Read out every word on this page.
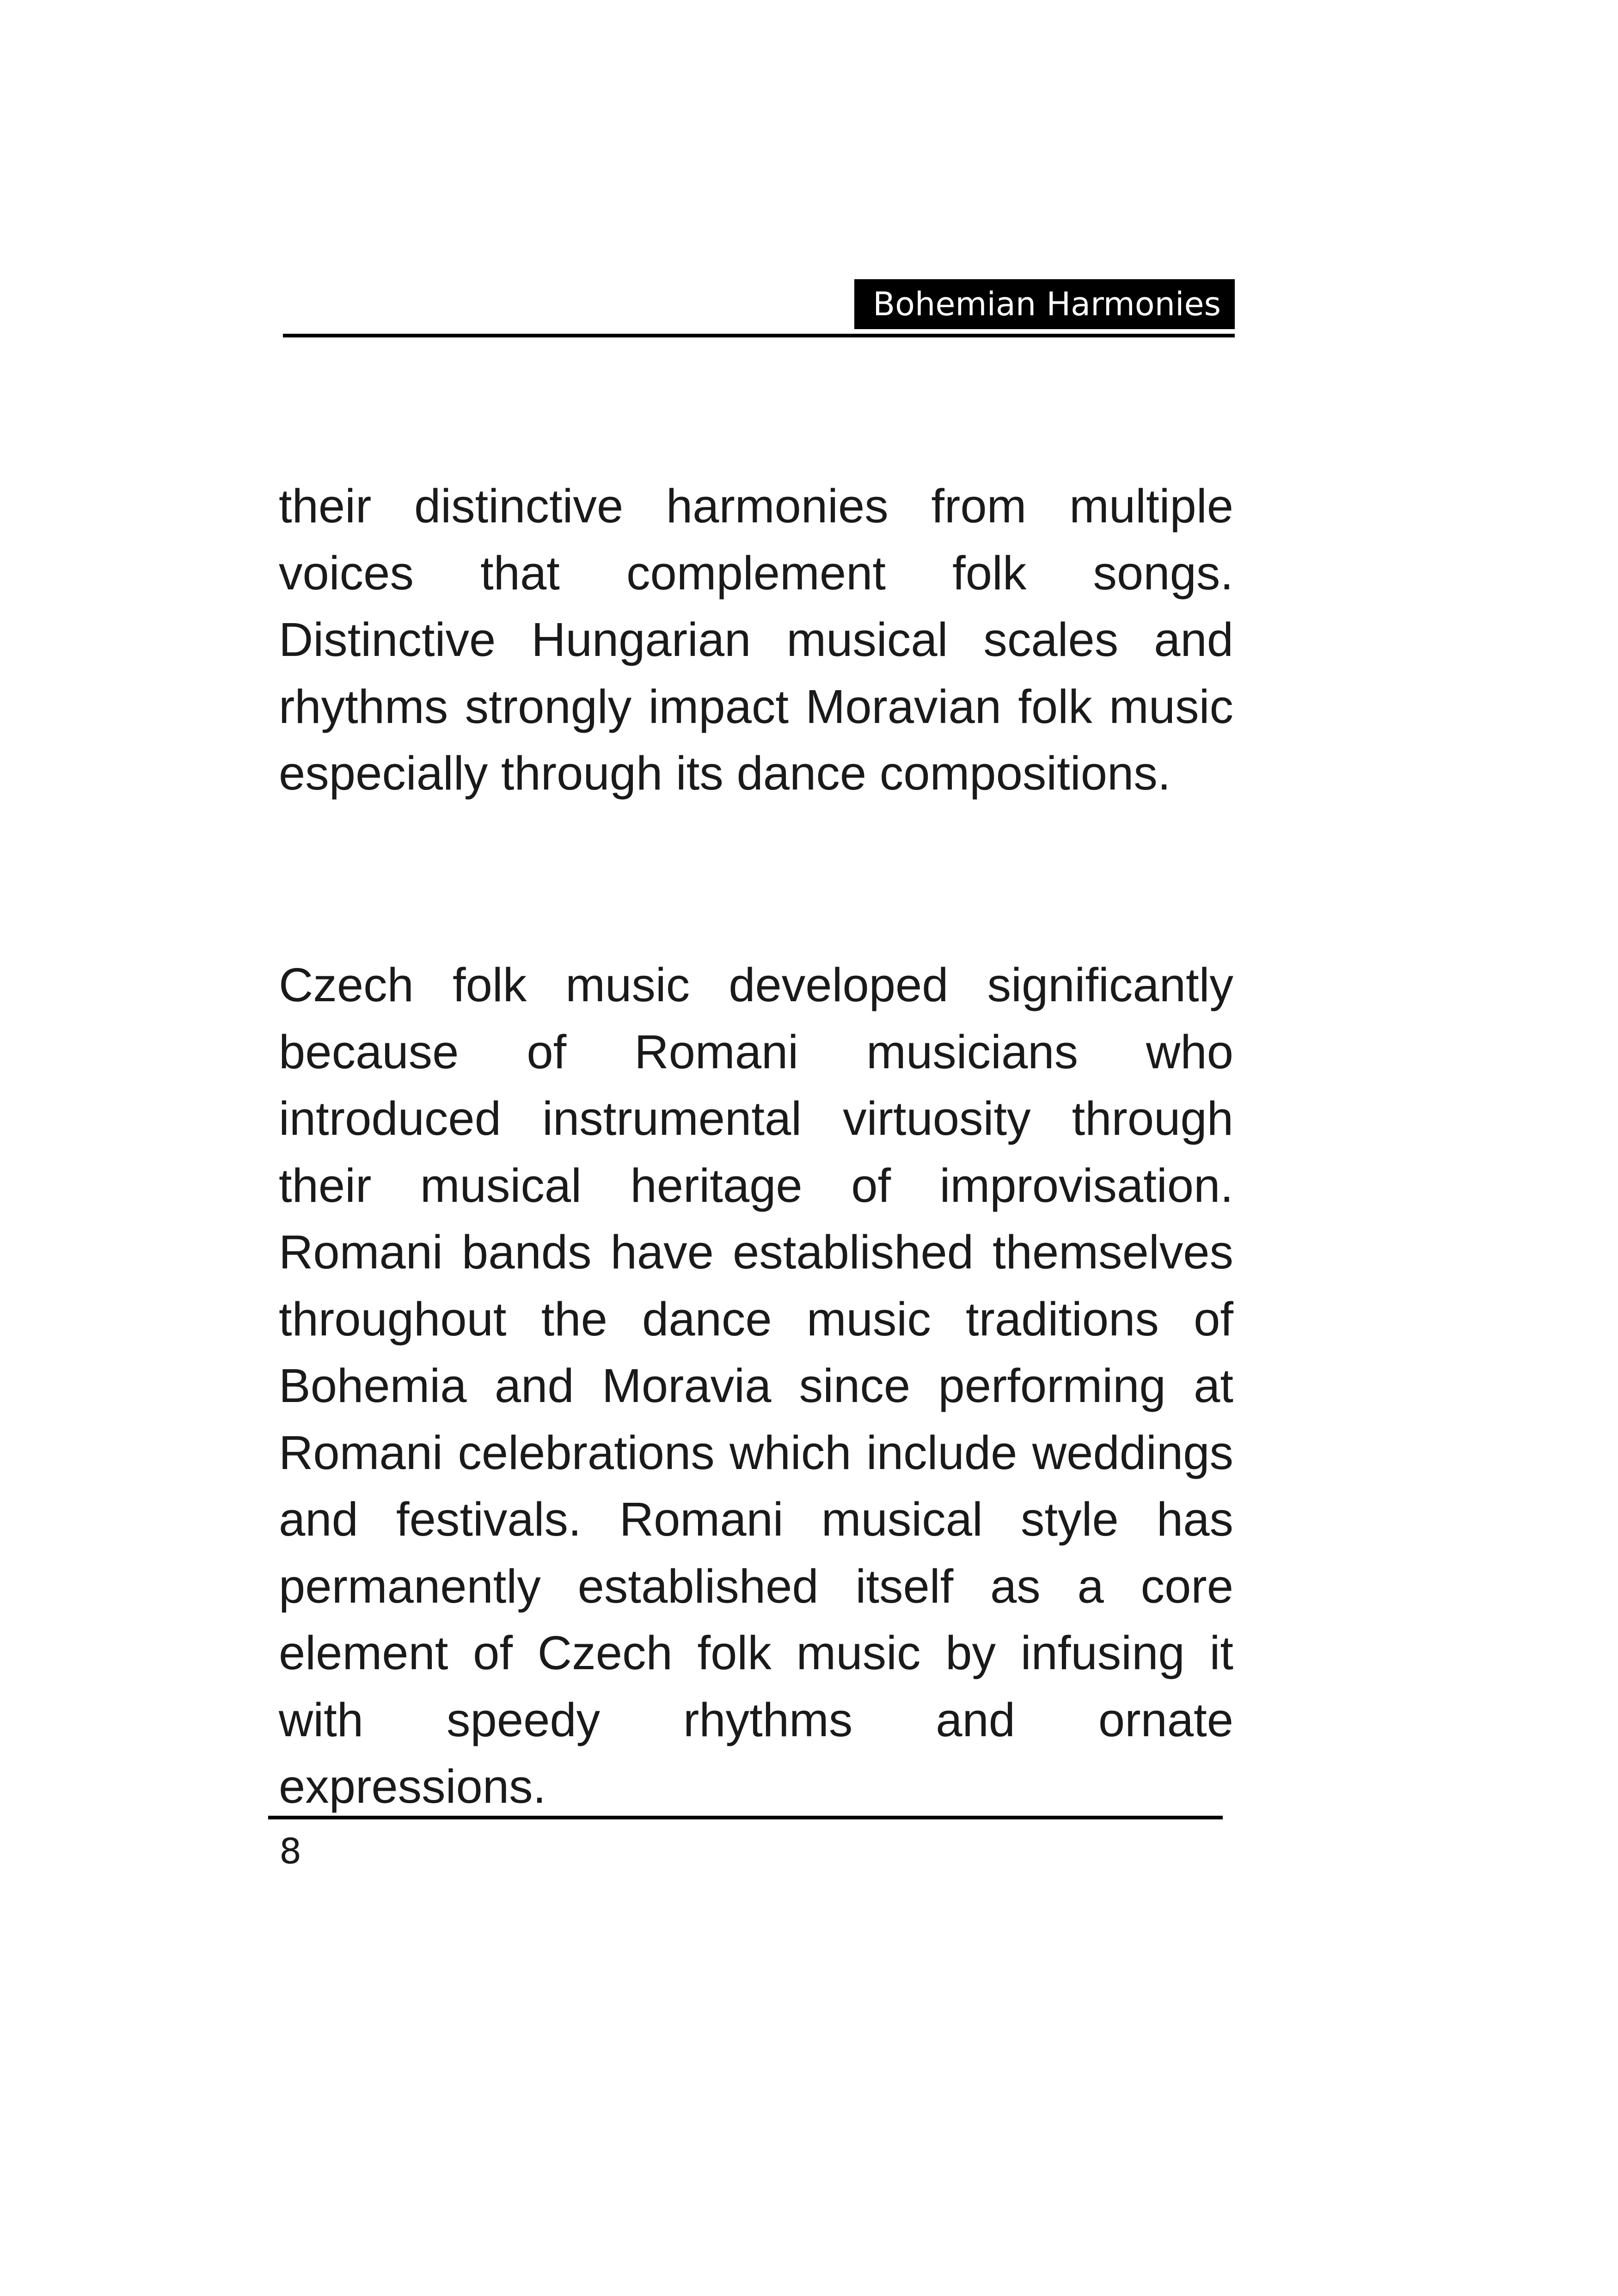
Bohemian Harmonies

their distinctive harmonies from multiple voices that complement folk songs. Distinctive Hungarian musical scales and rhythms strongly impact Moravian folk music especially through its dance compositions.

Czech folk music developed significantly because of Romani musicians who introduced instrumental virtuosity through their musical heritage of improvisation. Romani bands have established themselves throughout the dance music traditions of Bohemia and Moravia since performing at Romani celebrations which include weddings and festivals. Romani musical style has permanently established itself as a core element of Czech folk music by infusing it with speedy rhythms and ornate expressions.

8
